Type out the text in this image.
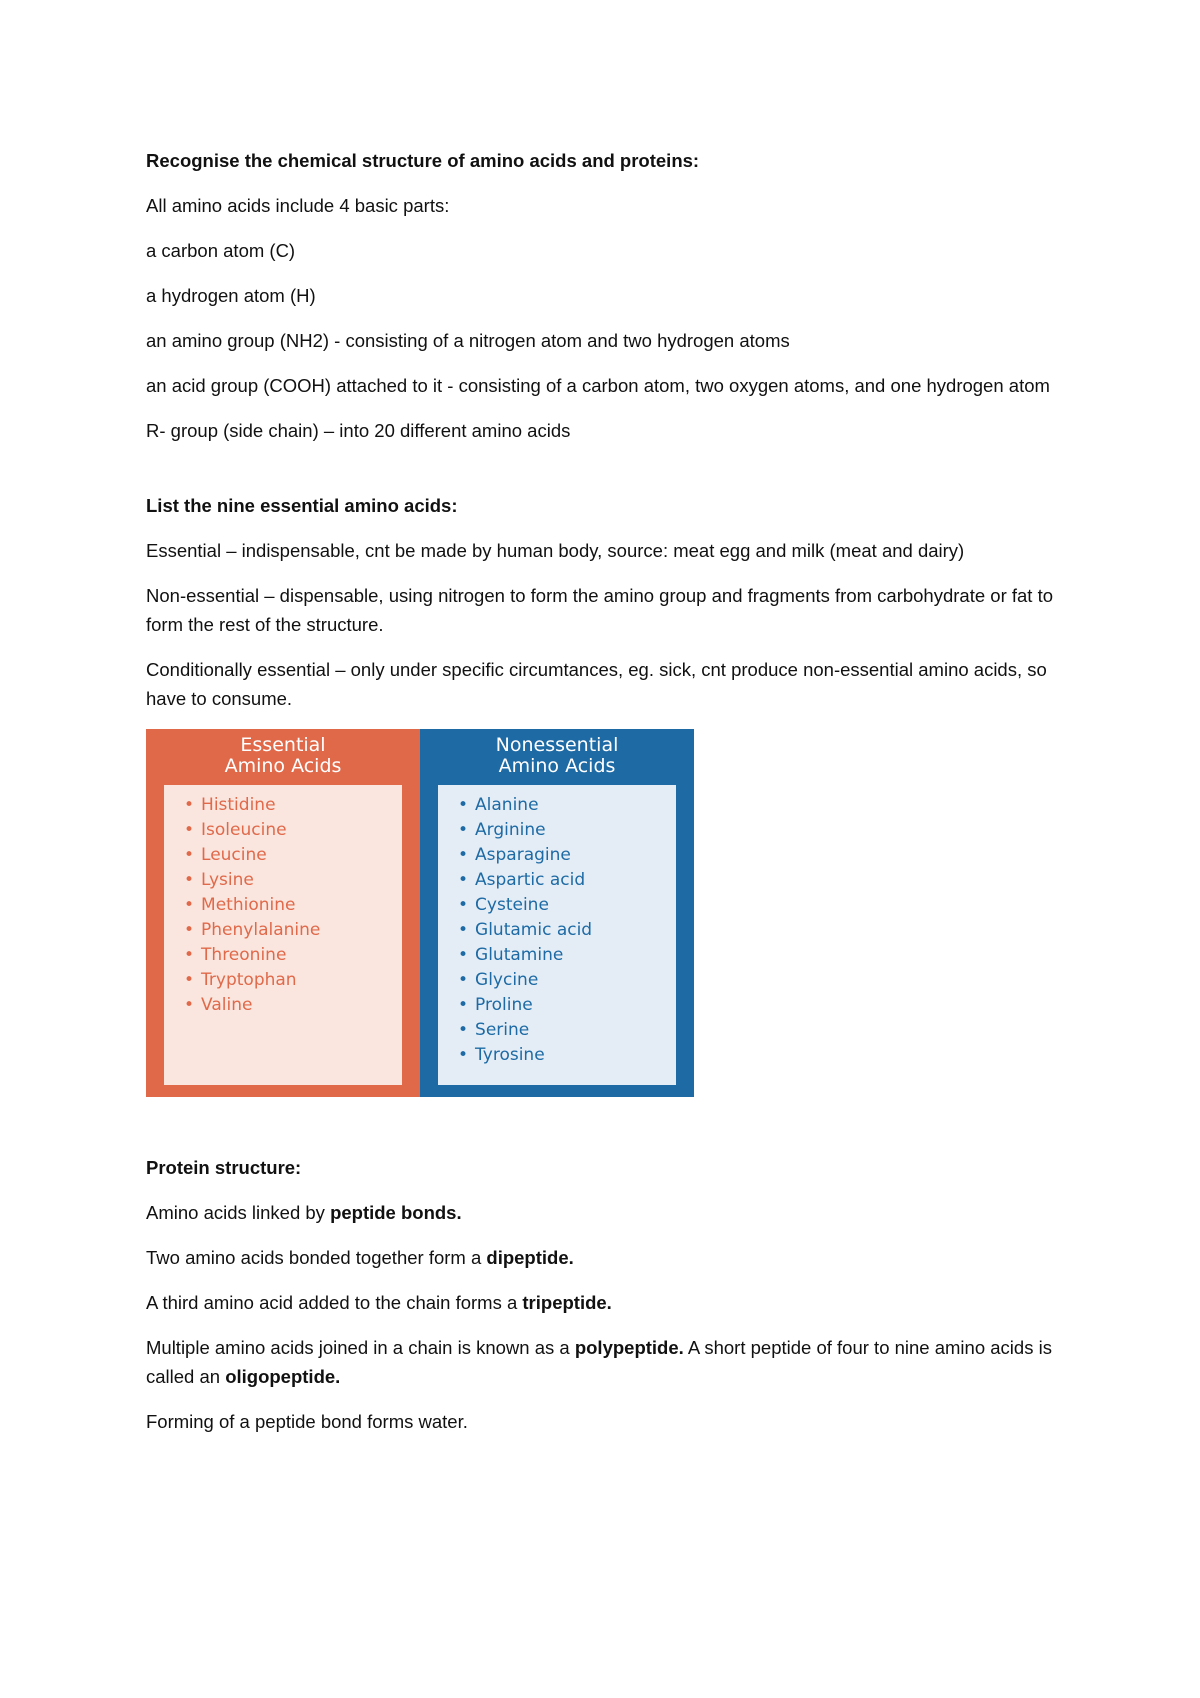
Recognise the chemical structure of amino acids and proteins:

All amino acids include 4 basic parts:

a carbon atom (C)

a hydrogen atom (H)

an amino group (NH2) - consisting of a nitrogen atom and two hydrogen atoms

an acid group (COOH) attached to it - consisting of a carbon atom, two oxygen atoms, and one hydrogen atom

R- group (side chain) – into 20 different amino acids

List the nine essential amino acids:

Essential – indispensable, cnt be made by human body, source: meat egg and milk (meat and dairy)

Non-essential – dispensable, using nitrogen to form the amino group and fragments from carbohydrate or fat to form the rest of the structure.

Conditionally essential – only under specific circumtances, eg. sick, cnt produce non-essential amino acids, so have to consume.

Essential
Amino Acids
• Histidine
• Isoleucine
• Leucine
• Lysine
• Methionine
• Phenylalanine
• Threonine
• Tryptophan
• Valine
Nonessential
Amino Acids
• Alanine
• Arginine
• Asparagine
• Aspartic acid
• Cysteine
• Glutamic acid
• Glutamine
• Glycine
• Proline
• Serine
• Tyrosine

Protein structure:

Amino acids linked by peptide bonds.

Two amino acids bonded together form a dipeptide.

A third amino acid added to the chain forms a tripeptide.

Multiple amino acids joined in a chain is known as a polypeptide. A short peptide of four to nine amino acids is called an oligopeptide.

Forming of a peptide bond forms water.
